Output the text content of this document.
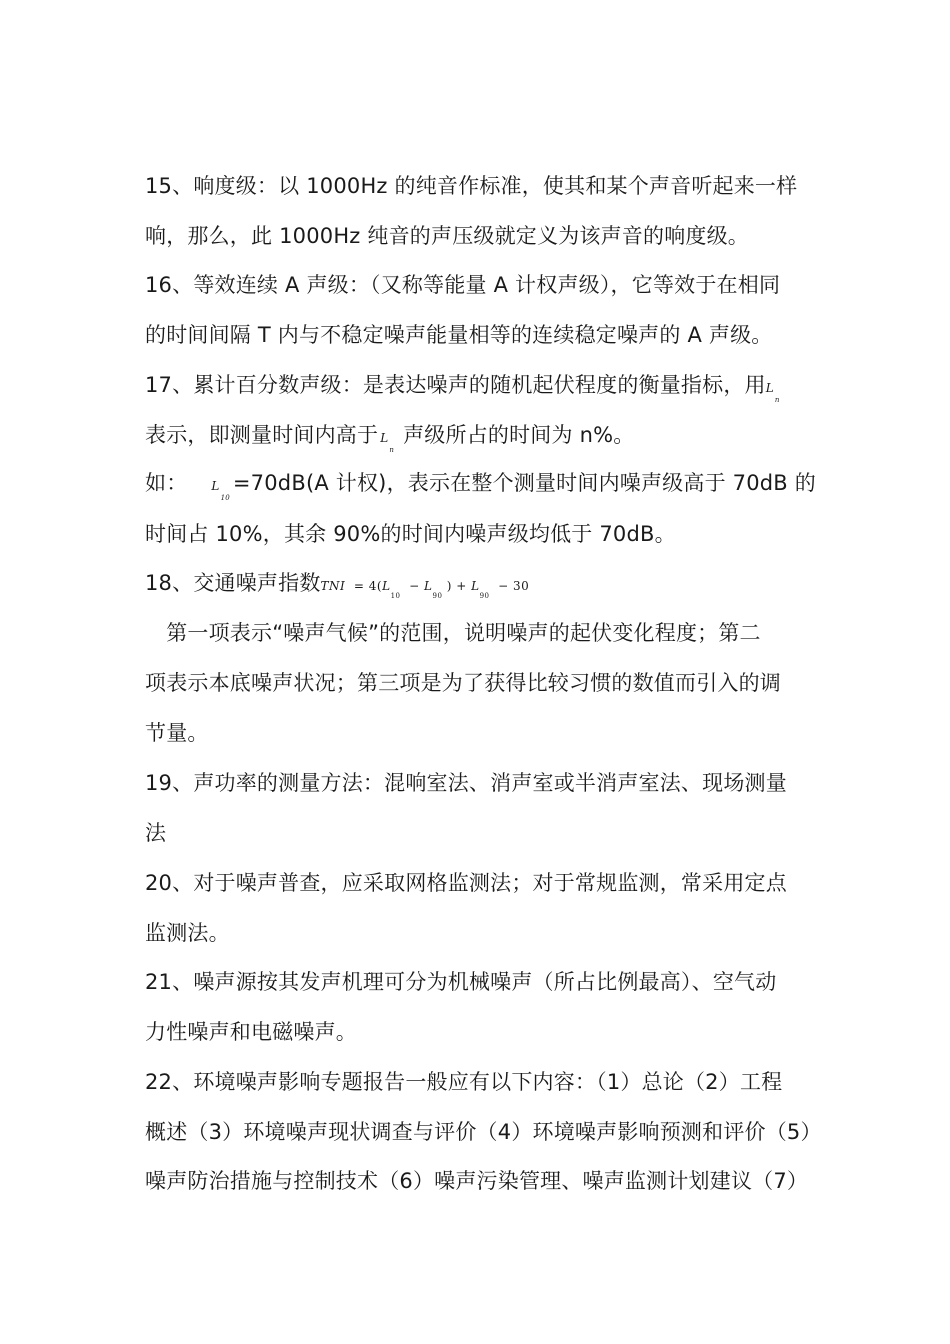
15、响度级：以 1000Hz 的纯音作标准，使其和某个声音听起来一样
响，那么，此 1000Hz 纯音的声压级就定义为该声音的响度级。
16、等效连续 A 声级：（又称等能量 A 计权声级），它等效于在相同
的时间间隔 T 内与不稳定噪声能量相等的连续稳定噪声的 A 声级。
17、累计百分数声级：是表达噪声的随机起伏程度的衡量指标，用$L_n$
表示，即测量时间内高于 $L_n$声级所占的时间为 n%。
如： $L_{10}=70dB(A$ 计权)，表示在整个测量时间内噪声级高于 70dB 的
时间占 10%，其余 90%的时间内噪声级均低于 70dB。
18、交通噪声指数TNI = $4(L_{10} - L_{90}$ ) + $L_{90} - 30$
　第一项表示“噪声气候”的范围，说明噪声的起伏变化程度；第二
项表示本底噪声状况；第三项是为了获得比较习惯的数值而引入的调
节量。
19、声功率的测量方法：混响室法、消声室或半消声室法、现场测量
法
20、对于噪声普查，应采取网格监测法；对于常规监测，常采用定点
监测法。
21、噪声源按其发声机理可分为机械噪声（所占比例最高）、空气动
力性噪声和电磁噪声。
22、环境噪声影响专题报告一般应有以下内容：（1）总论（2）工程
概述（3）环境噪声现状调查与评价（4）环境噪声影响预测和评价（5）
噪声防治措施与控制技术（6）噪声污染管理、噪声监测计划建议（7）
